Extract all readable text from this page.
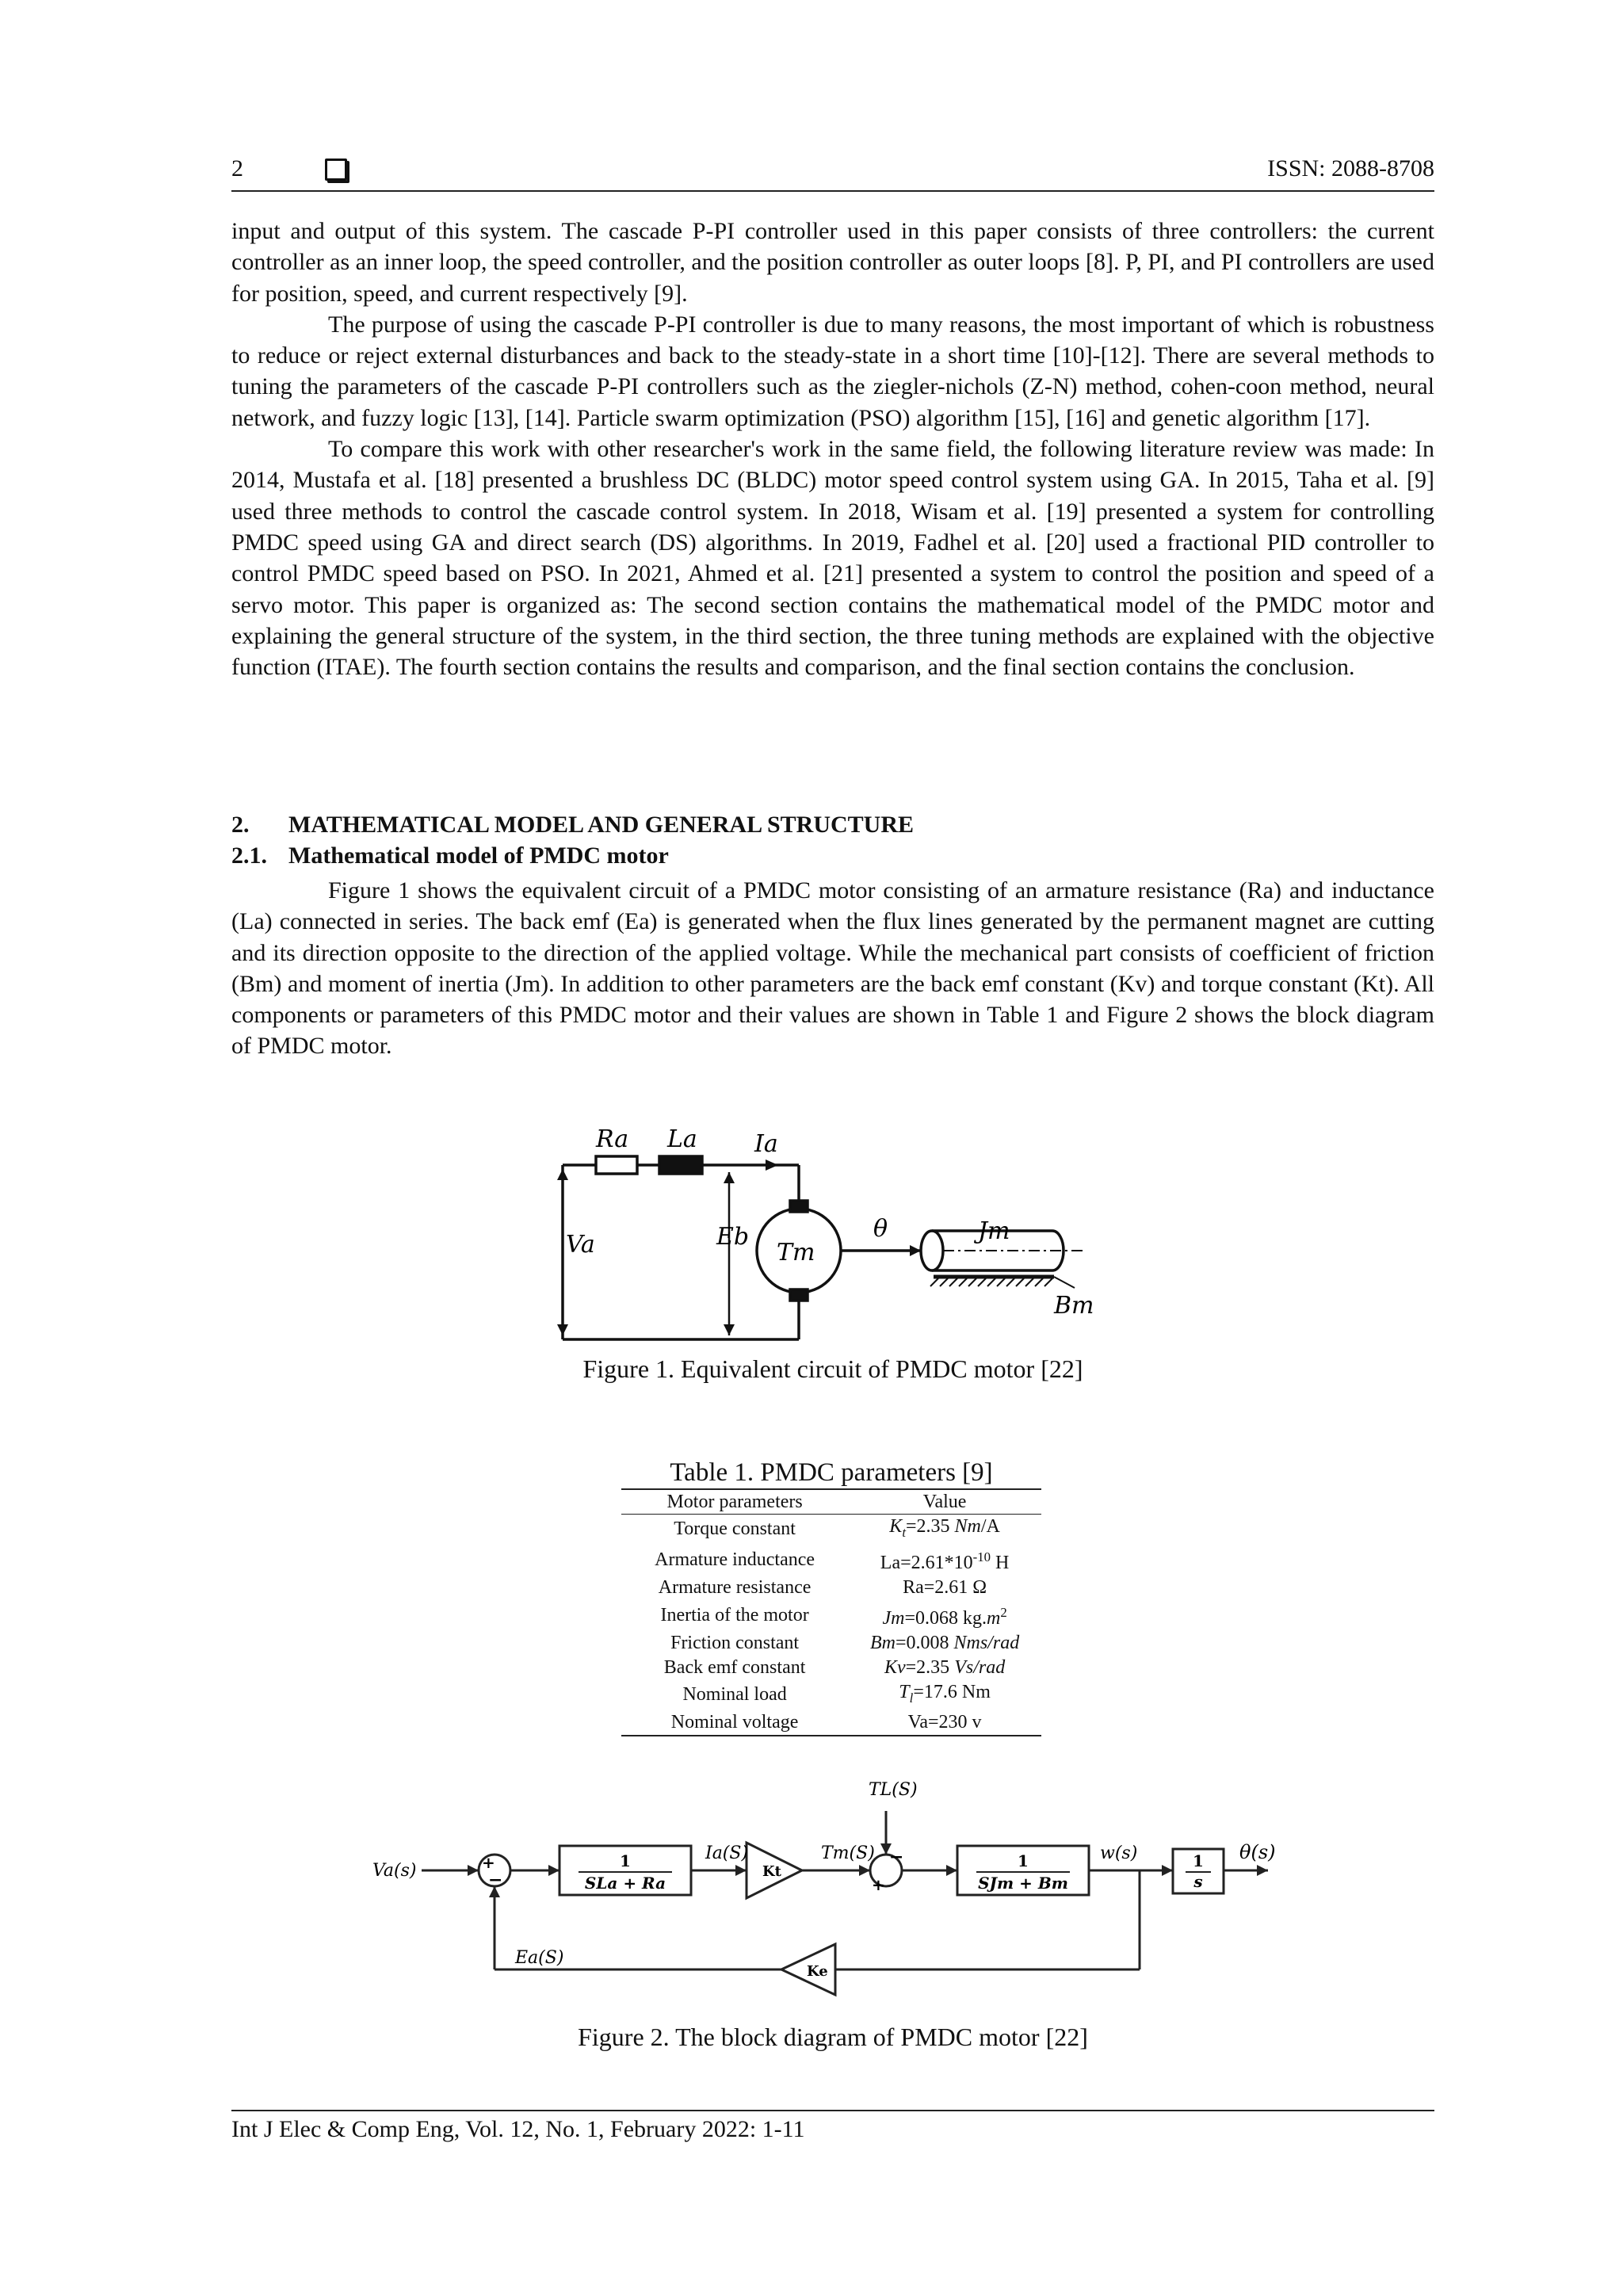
2	ISSN: 2088-8708

input and output of this system. The cascade P-PI controller used in this paper consists of three controllers: the current controller as an inner loop, the speed controller, and the position controller as outer loops [8]. P, PI, and PI controllers are used for position, speed, and current respectively [9].

The purpose of using the cascade P-PI controller is due to many reasons, the most important of which is robustness to reduce or reject external disturbances and back to the steady-state in a short time [10]-[12]. There are several methods to tuning the parameters of the cascade P-PI controllers such as the ziegler-nichols (Z-N) method, cohen-coon method, neural network, and fuzzy logic [13], [14]. Particle swarm optimization (PSO) algorithm [15], [16] and genetic algorithm [17].

To compare this work with other researcher's work in the same field, the following literature review was made: In 2014, Mustafa et al. [18] presented a brushless DC (BLDC) motor speed control system using GA. In 2015, Taha et al. [9] used three methods to control the cascade control system. In 2018, Wisam et al. [19] presented a system for controlling PMDC speed using GA and direct search (DS) algorithms. In 2019, Fadhel et al. [20] used a fractional PID controller to control PMDC speed based on PSO. In 2021, Ahmed et al. [21] presented a system to control the position and speed of a servo motor. This paper is organized as: The second section contains the mathematical model of the PMDC motor and explaining the general structure of the system, in the third section, the three tuning methods are explained with the objective function (ITAE). The fourth section contains the results and comparison, and the final section contains the conclusion.

2. MATHEMATICAL MODEL AND GENERAL STRUCTURE
2.1. Mathematical model of PMDC motor

Figure 1 shows the equivalent circuit of a PMDC motor consisting of an armature resistance (Ra) and inductance (La) connected in series. The back emf (Ea) is generated when the flux lines generated by the permanent magnet are cutting and its direction opposite to the direction of the applied voltage. While the mechanical part consists of coefficient of friction (Bm) and moment of inertia (Jm). In addition to other parameters are the back emf constant (Kv) and torque constant (Kt). All components or parameters of this PMDC motor and their values are shown in Table 1 and Figure 2 shows the block diagram of PMDC motor.

Ra La Ia
Va	Eb
Tm
θ	Jm
Bm
Figure 1. Equivalent circuit of PMDC motor [22]
Table 1. PMDC parameters [9]
Motor parameters	Value
Torque constant	$K_t=2.35$ Nm/A
Armature inductance	$La=2.61*10^{-10}$ H
Armature resistance	Ra=2.61 Ω
Inertia of the motor	Jm=0.068 $kg.m^2$
Friction constant	Bm=0.008 Nms/rad
Back emf constant	Kv=2.35 Vs/rad
Nominal load	$T_l=17.6$ Nm
Nominal voltage	Va=230 v
Va(s)	+
−
1
SLa + Ra
Ia(S)
Kt
Tm(S)
TL(S)
−
+
1
SJm + Bm
w(s)	1
s
θ(s)
Ea(S)
Ke
Figure 2. The block diagram of PMDC motor [22]
Int J Elec & Comp Eng, Vol. 12, No. 1, February 2022: 1-11
